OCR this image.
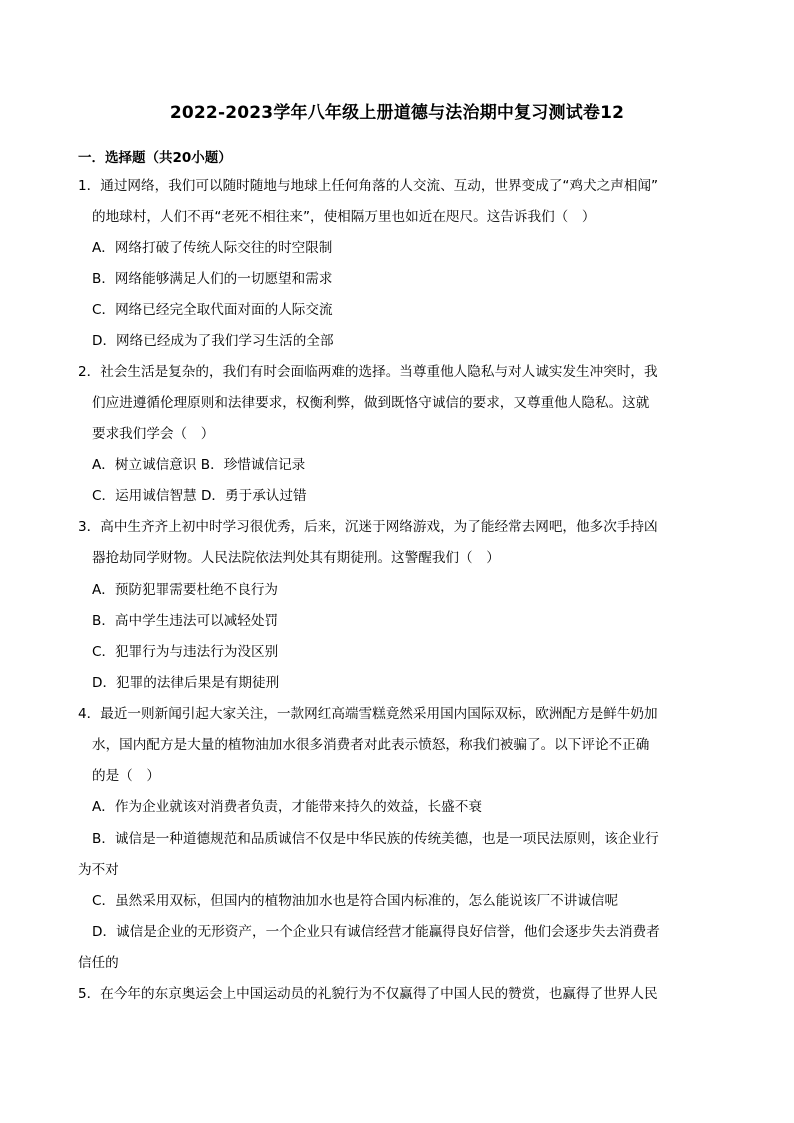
2022-2023学年八年级上册道德与法治期中复习测试卷12
一．选择题（共20小题）
1．通过网络，我们可以随时随地与地球上任何角落的人交流、互动，世界变成了“鸡犬之声相闻”
的地球村，人们不再“老死不相往来”，使相隔万里也如近在咫尺。这告诉我们（　）
A．网络打破了传统人际交往的时空限制
B．网络能够满足人们的一切愿望和需求
C．网络已经完全取代面对面的人际交流
D．网络已经成为了我们学习生活的全部
2．社会生活是复杂的，我们有时会面临两难的选择。当尊重他人隐私与对人诚实发生冲突时，我
们应进遵循伦理原则和法律要求，权衡利弊，做到既恪守诚信的要求，又尊重他人隐私。这就
要求我们学会（　）
A．树立诚信意识 B．珍惜诚信记录
C．运用诚信智慧 D．勇于承认过错
3．高中生齐齐上初中时学习很优秀，后来，沉迷于网络游戏，为了能经常去网吧，他多次手持凶
器抢劫同学财物。人民法院依法判处其有期徒刑。这警醒我们（　）
A．预防犯罪需要杜绝不良行为
B．高中学生违法可以减轻处罚
C．犯罪行为与违法行为没区别
D．犯罪的法律后果是有期徒刑
4．最近一则新闻引起大家关注，一款网红高端雪糕竟然采用国内国际双标，欧洲配方是鲜牛奶加
水，国内配方是大量的植物油加水很多消费者对此表示愤怒，称我们被骗了。以下评论不正确
的是（　）
A．作为企业就该对消费者负责，才能带来持久的效益，长盛不衰
B．诚信是一种道德规范和品质诚信不仅是中华民族的传统美德，也是一项民法原则，该企业行
为不对
C．虽然采用双标，但国内的植物油加水也是符合国内标准的，怎么能说该厂不讲诚信呢
D．诚信是企业的无形资产，一个企业只有诚信经营才能赢得良好信誉，他们会逐步失去消费者
信任的
5．在今年的东京奥运会上中国运动员的礼貌行为不仅赢得了中国人民的赞赏，也赢得了世界人民
